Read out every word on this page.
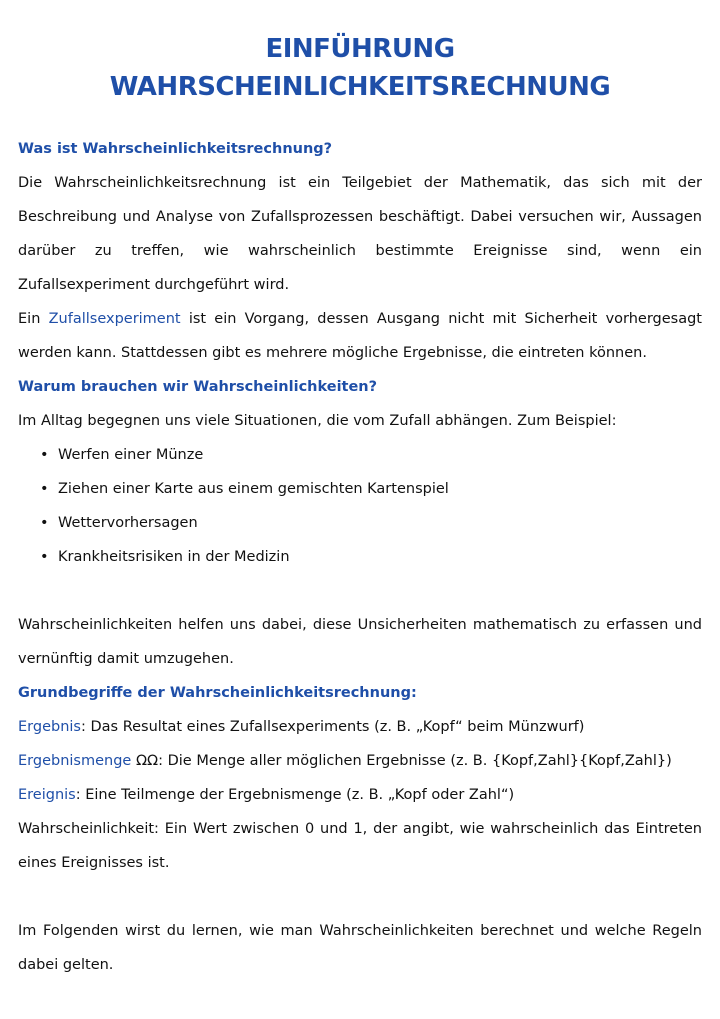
EINFÜHRUNG WAHRSCHEINLICHKEITSRECHNUNG

Was ist Wahrscheinlichkeitsrechnung?

Die Wahrscheinlichkeitsrechnung ist ein Teilgebiet der Mathematik, das sich mit der Beschreibung und Analyse von Zufallsprozessen beschäftigt. Dabei versuchen wir, Aussagen darüber zu treffen, wie wahrscheinlich bestimmte Ereignisse sind, wenn ein Zufallsexperiment durchgeführt wird.

Ein Zufallsexperiment ist ein Vorgang, dessen Ausgang nicht mit Sicherheit vorhergesagt werden kann. Stattdessen gibt es mehrere mögliche Ergebnisse, die eintreten können.

Warum brauchen wir Wahrscheinlichkeiten?

Im Alltag begegnen uns viele Situationen, die vom Zufall abhängen. Zum Beispiel:

• Werfen einer Münze
• Ziehen einer Karte aus einem gemischten Kartenspiel
• Wettervorhersagen
• Krankheitsrisiken in der Medizin

Wahrscheinlichkeiten helfen uns dabei, diese Unsicherheiten mathematisch zu erfassen und vernünftig damit umzugehen.

Grundbegriffe der Wahrscheinlichkeitsrechnung:

Ergebnis: Das Resultat eines Zufallsexperiments (z. B. „Kopf“ beim Münzwurf)

Ergebnismenge ΩΩ: Die Menge aller möglichen Ergebnisse (z. B. {Kopf,Zahl}{Kopf,Zahl})

Ereignis: Eine Teilmenge der Ergebnismenge (z. B. „Kopf oder Zahl“)

Wahrscheinlichkeit: Ein Wert zwischen 0 und 1, der angibt, wie wahrscheinlich das Eintreten eines Ereignisses ist.

Im Folgenden wirst du lernen, wie man Wahrscheinlichkeiten berechnet und welche Regeln dabei gelten.
